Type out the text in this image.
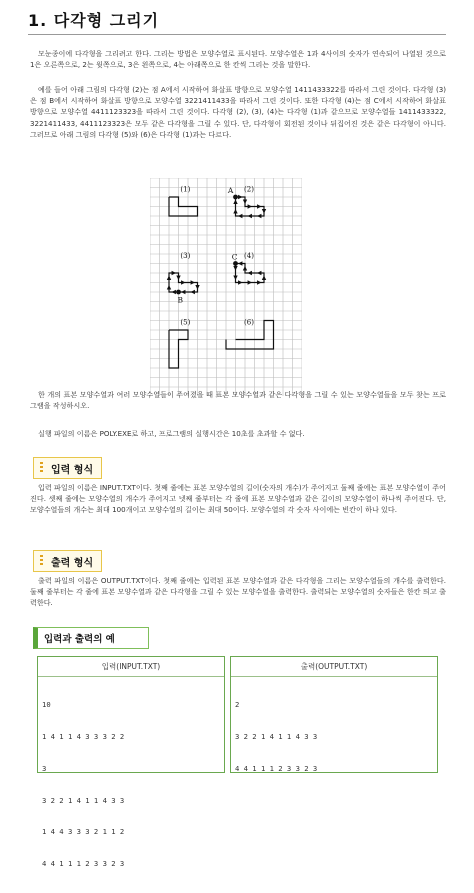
1. 다각형 그리기

모눈종이에 다각형을 그리려고 한다. 그리는 방법은 모양수열로 표시된다. 모양수열은 1과 4사이의 숫자가 연속되어 나열된 것으로 1은 오른쪽으로, 2는 윗쪽으로, 3은 왼쪽으로, 4는 아래쪽으로 한 칸씩 그리는 것을 말한다.

예를 들어 아래 그림의 다각형 (2)는 점 A에서 시작하여 화살표 방향으로 모양수열 1411433322를 따라서 그린 것이다. 다각형 (3)은 점 B에서 시작하여 화살표 방향으로 모양수열 3221411433을 따라서 그린 것이다. 또한 다각형 (4)는 점 C에서 시작하여 화살표 방향으로 모양수열 4411123323을 따라서 그린 것이다. 다각형 (2), (3), (4)는 다각형 (1)과 같으므로 모양수열들 1411433322, 3221411433, 4411123323은 모두 같은 다각형을 그릴 수 있다. 단, 다각형이 회전된 것이나 뒤집어진 것은 같은 다각형이 아니다. 그러므로 아래 그림의 다각형 (5)와 (6)은 다각형 (1)과는 다르다.

(1)	(2)
(3)	(4)
(5)	(6)
A
B
C

한 개의 표본 모양수열과 여러 모양수열들이 주어졌을 때 표본 모양수열과 같은 다각형을 그릴 수 있는 모양수열들을 모두 찾는 프로그램을 작성하시오.

실행 파일의 이름은 POLY.EXE로 하고, 프로그램의 실행시간은 10초를 초과할 수 없다.

입력 형식

입력 파일의 이름은 INPUT.TXT이다. 첫째 줄에는 표본 모양수열의 길이(숫자의 개수)가 주어지고 둘째 줄에는 표본 모양수열이 주어진다. 셋째 줄에는 모양수열의 개수가 주어지고 넷째 줄부터는 각 줄에 표본 모양수열과 같은 길이의 모양수열이 하나씩 주어진다. 단, 모양수열들의 개수는 최대 100개이고 모양수열의 길이는 최대 50이다. 모양수열의 각 숫자 사이에는 빈칸이 하나 있다.

출력 형식

출력 파일의 이름은 OUTPUT.TXT이다. 첫째 줄에는 입력된 표본 모양수열과 같은 다각형을 그리는 모양수열들의 개수를 출력한다. 둘째 줄부터는 각 줄에 표본 모양수열과 같은 다각형을 그릴 수 있는 모양수열을 출력한다. 출력되는 모양수열의 숫자들은 한칸 띄고 출력한다.

입력과 출력의 예
입력(INPUT.TXT)

10

1 4 1 1 4 3 3 3 2 2

3

3 2 2 1 4 1 1 4 3 3

1 4 4 3 3 3 2 1 1 2

4 4 1 1 1 2 3 3 2 3

출력(OUTPUT.TXT)

2

3 2 2 1 4 1 1 4 3 3

4 4 1 1 1 2 3 3 2 3
